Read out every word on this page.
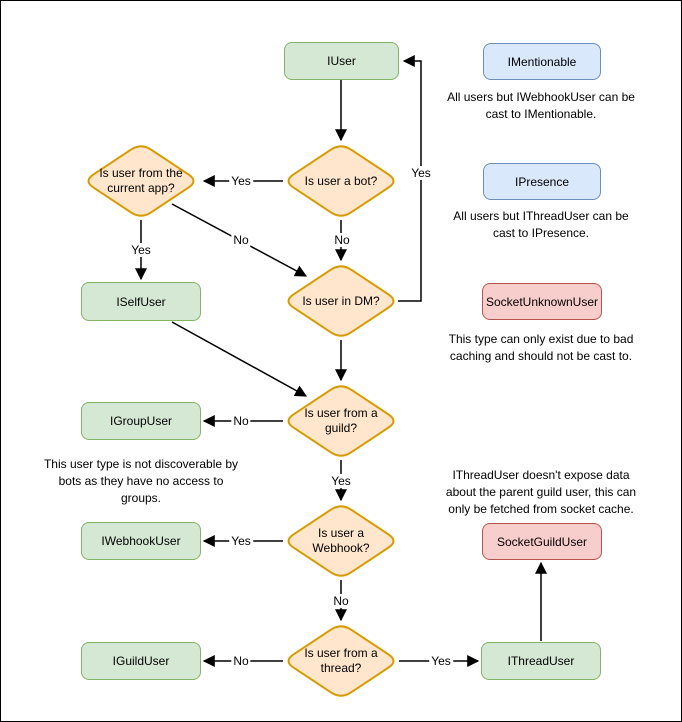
IUser	IMentionable
IPresence
SocketUnknownUser
ISelfUser
IGroupUser
IWebhookUser	SocketGuildUser
IGuildUser	IThreadUser
Is user from the current app?
Is user a bot?
Is user in DM?
Is user from a guild?
Is user a Webhook?
Is user from a thread?
Yes
No
Yes
No
Yes
No
Yes
Yes
No
No	Yes
All users but IWebhookUser can be
cast to IMentionable.
All users but IThreadUser can be
cast to IPresence.
This type can only exist due to bad
caching and should not be cast to.
This user type is not discoverable by
bots as they have no access to
groups.
IThreadUser doesn't expose data
about the parent guild user, this can
only be fetched from socket cache.
